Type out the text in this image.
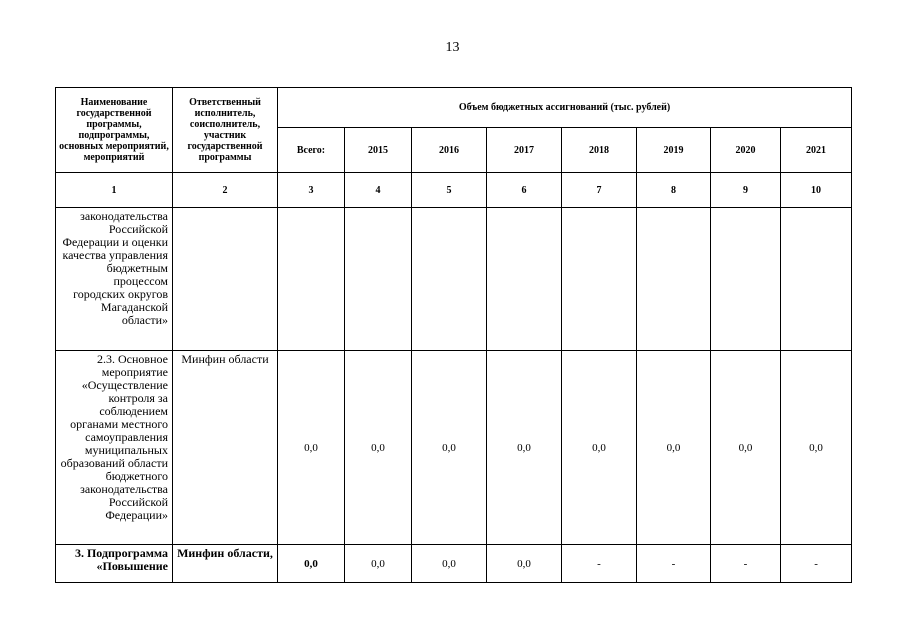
13
Наименование государственной программы, подпрограммы, основных мероприятий, мероприятий	Ответственный исполнитель, соисполнитель, участник государственной программы	Объем бюджетных ассигнований (тыс. рублей)							
		Всего:	2015	2016	2017	2018	2019	2020	2021
1	2	3	4	5	6	7	8	9	10
законодательства Российской Федерации и оценки качества управления бюджетным процессом городских округов Магаданской области»									
2.3. Основное мероприятие «Осуществление контроля за соблюдением органами местного самоуправления муниципальных образований области бюджетного законодательства Российской Федерации»	Минфин области	0,0	0,0	0,0	0,0	0,0	0,0	0,0	0,0
3. Подпрограмма «Повышение	Минфин области,	0,0	0,0	0,0	0,0	-	-	-	-
